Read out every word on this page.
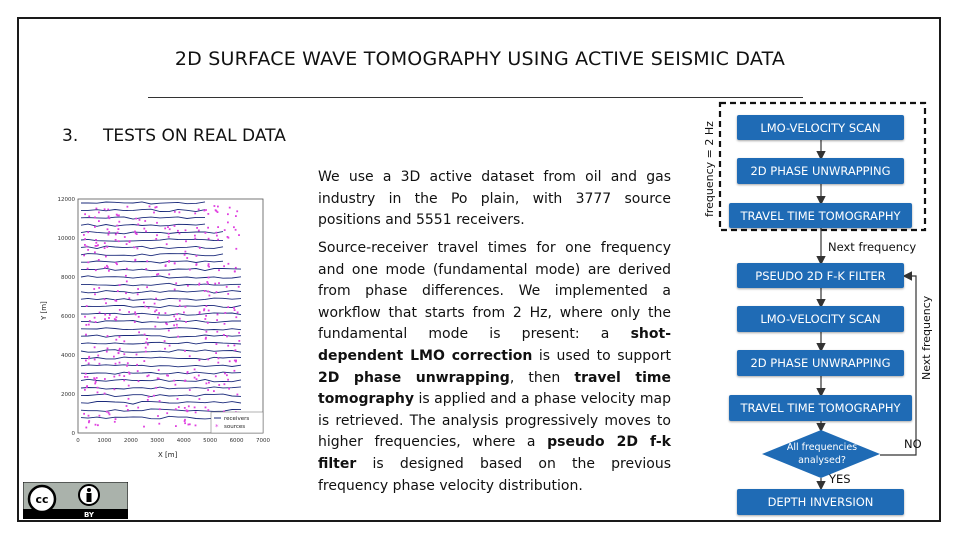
2D SURFACE WAVE TOMOGRAPHY USING ACTIVE SEISMIC DATA
3. TESTS ON REAL DATA
We use a 3D active dataset from oil and gas industry in the Po plain, with 3777 source positions and 5551 receivers.
Source-receiver travel times for one frequency and one mode (fundamental mode) are derived from phase differences. We implemented a workflow that starts from 2 Hz, where only the fundamental mode is present: a shot-dependent LMO correction is used to support 2D phase unwrapping, then travel time tomography is applied and a phase velocity map is retrieved. The analysis progressively moves to higher frequencies, where a pseudo 2D f-k filter is designed based on the previous frequency phase velocity distribution.
12000
10000
8000
6000
4000
2000
0
0	1000 2000 3000 4000 5000 6000 7000
Y [m]
X [m]
receivers
* sources
cc
BY
frequency = 2 Hz
Next frequency
Next frequency
All frequencies
analysed?
NO
YES
LMO-VELOCITY SCAN
2D PHASE UNWRAPPING
TRAVEL TIME TOMOGRAPHY
PSEUDO 2D F-K FILTER
LMO-VELOCITY SCAN
2D PHASE UNWRAPPING
TRAVEL TIME TOMOGRAPHY
DEPTH INVERSION
